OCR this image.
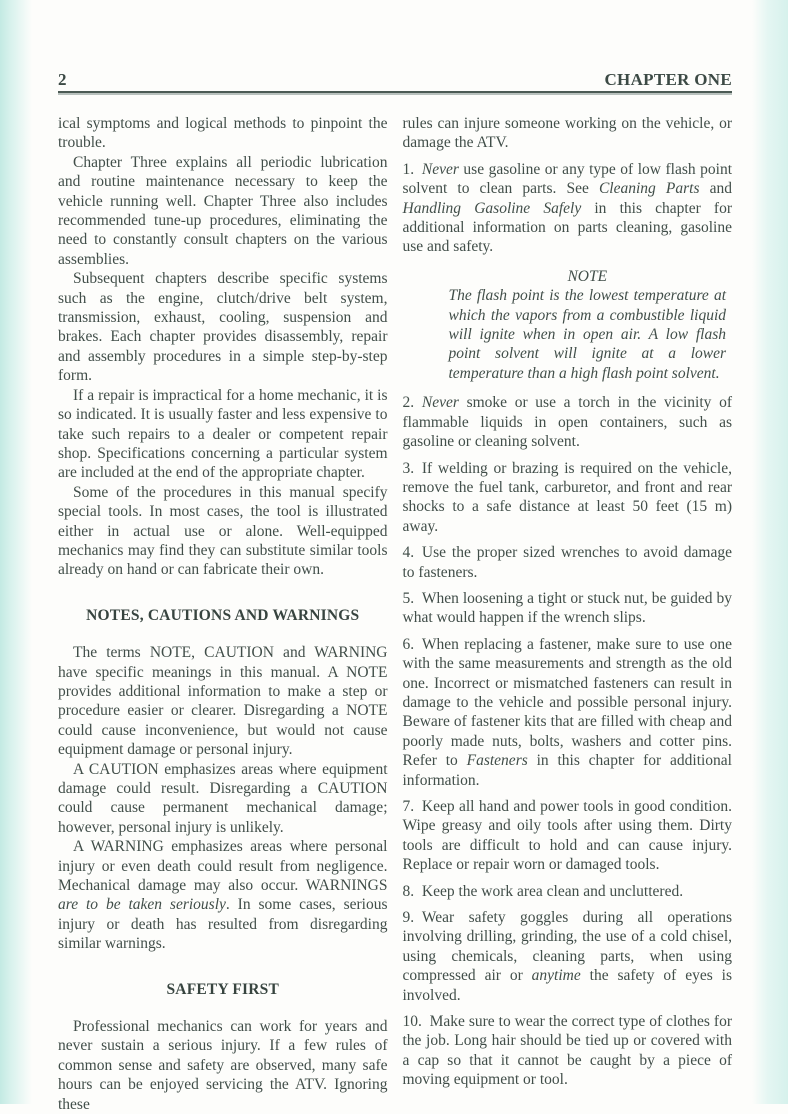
2	CHAPTER ONE

ical symptoms and logical methods to pinpoint the trouble.

Chapter Three explains all periodic lubrication and routine maintenance necessary to keep the vehicle running well. Chapter Three also includes recommended tune-up procedures, eliminating the need to constantly consult chapters on the various assemblies.

Subsequent chapters describe specific systems such as the engine, clutch/drive belt system, transmission, exhaust, cooling, suspension and brakes. Each chapter provides disassembly, repair and assembly procedures in a simple step-by-step form.

If a repair is impractical for a home mechanic, it is so indicated. It is usually faster and less expensive to take such repairs to a dealer or competent repair shop. Specifications concerning a particular system are included at the end of the appropriate chapter.

Some of the procedures in this manual specify special tools. In most cases, the tool is illustrated either in actual use or alone. Well-equipped mechanics may find they can substitute similar tools already on hand or can fabricate their own.

NOTES, CAUTIONS AND WARNINGS

The terms NOTE, CAUTION and WARNING have specific meanings in this manual. A NOTE provides additional information to make a step or procedure easier or clearer. Disregarding a NOTE could cause inconvenience, but would not cause equipment damage or personal injury.

A CAUTION emphasizes areas where equipment damage could result. Disregarding a CAUTION could cause permanent mechanical damage; however, personal injury is unlikely.

A WARNING emphasizes areas where personal injury or even death could result from negligence. Mechanical damage may also occur. WARNINGS are to be taken seriously. In some cases, serious injury or death has resulted from disregarding similar warnings.

SAFETY FIRST

Professional mechanics can work for years and never sustain a serious injury. If a few rules of common sense and safety are observed, many safe hours can be enjoyed servicing the ATV. Ignoring these

rules can injure someone working on the vehicle, or damage the ATV.

1. Never use gasoline or any type of low flash point solvent to clean parts. See Cleaning Parts and Handling Gasoline Safely in this chapter for additional information on parts cleaning, gasoline use and safety.

NOTE
The flash point is the lowest temperature at which the vapors from a combustible liquid will ignite when in open air. A low flash point solvent will ignite at a lower temperature than a high flash point solvent.

2. Never smoke or use a torch in the vicinity of flammable liquids in open containers, such as gasoline or cleaning solvent.

3. If welding or brazing is required on the vehicle, remove the fuel tank, carburetor, and front and rear shocks to a safe distance at least 50 feet (15 m) away.

4. Use the proper sized wrenches to avoid damage to fasteners.

5. When loosening a tight or stuck nut, be guided by what would happen if the wrench slips.

6. When replacing a fastener, make sure to use one with the same measurements and strength as the old one. Incorrect or mismatched fasteners can result in damage to the vehicle and possible personal injury. Beware of fastener kits that are filled with cheap and poorly made nuts, bolts, washers and cotter pins. Refer to Fasteners in this chapter for additional information.

7. Keep all hand and power tools in good condition. Wipe greasy and oily tools after using them. Dirty tools are difficult to hold and can cause injury. Replace or repair worn or damaged tools.

8. Keep the work area clean and uncluttered.

9. Wear safety goggles during all operations involving drilling, grinding, the use of a cold chisel, using chemicals, cleaning parts, when using compressed air or anytime the safety of eyes is involved.

10. Make sure to wear the correct type of clothes for the job. Long hair should be tied up or covered with a cap so that it cannot be caught by a piece of moving equipment or tool.
